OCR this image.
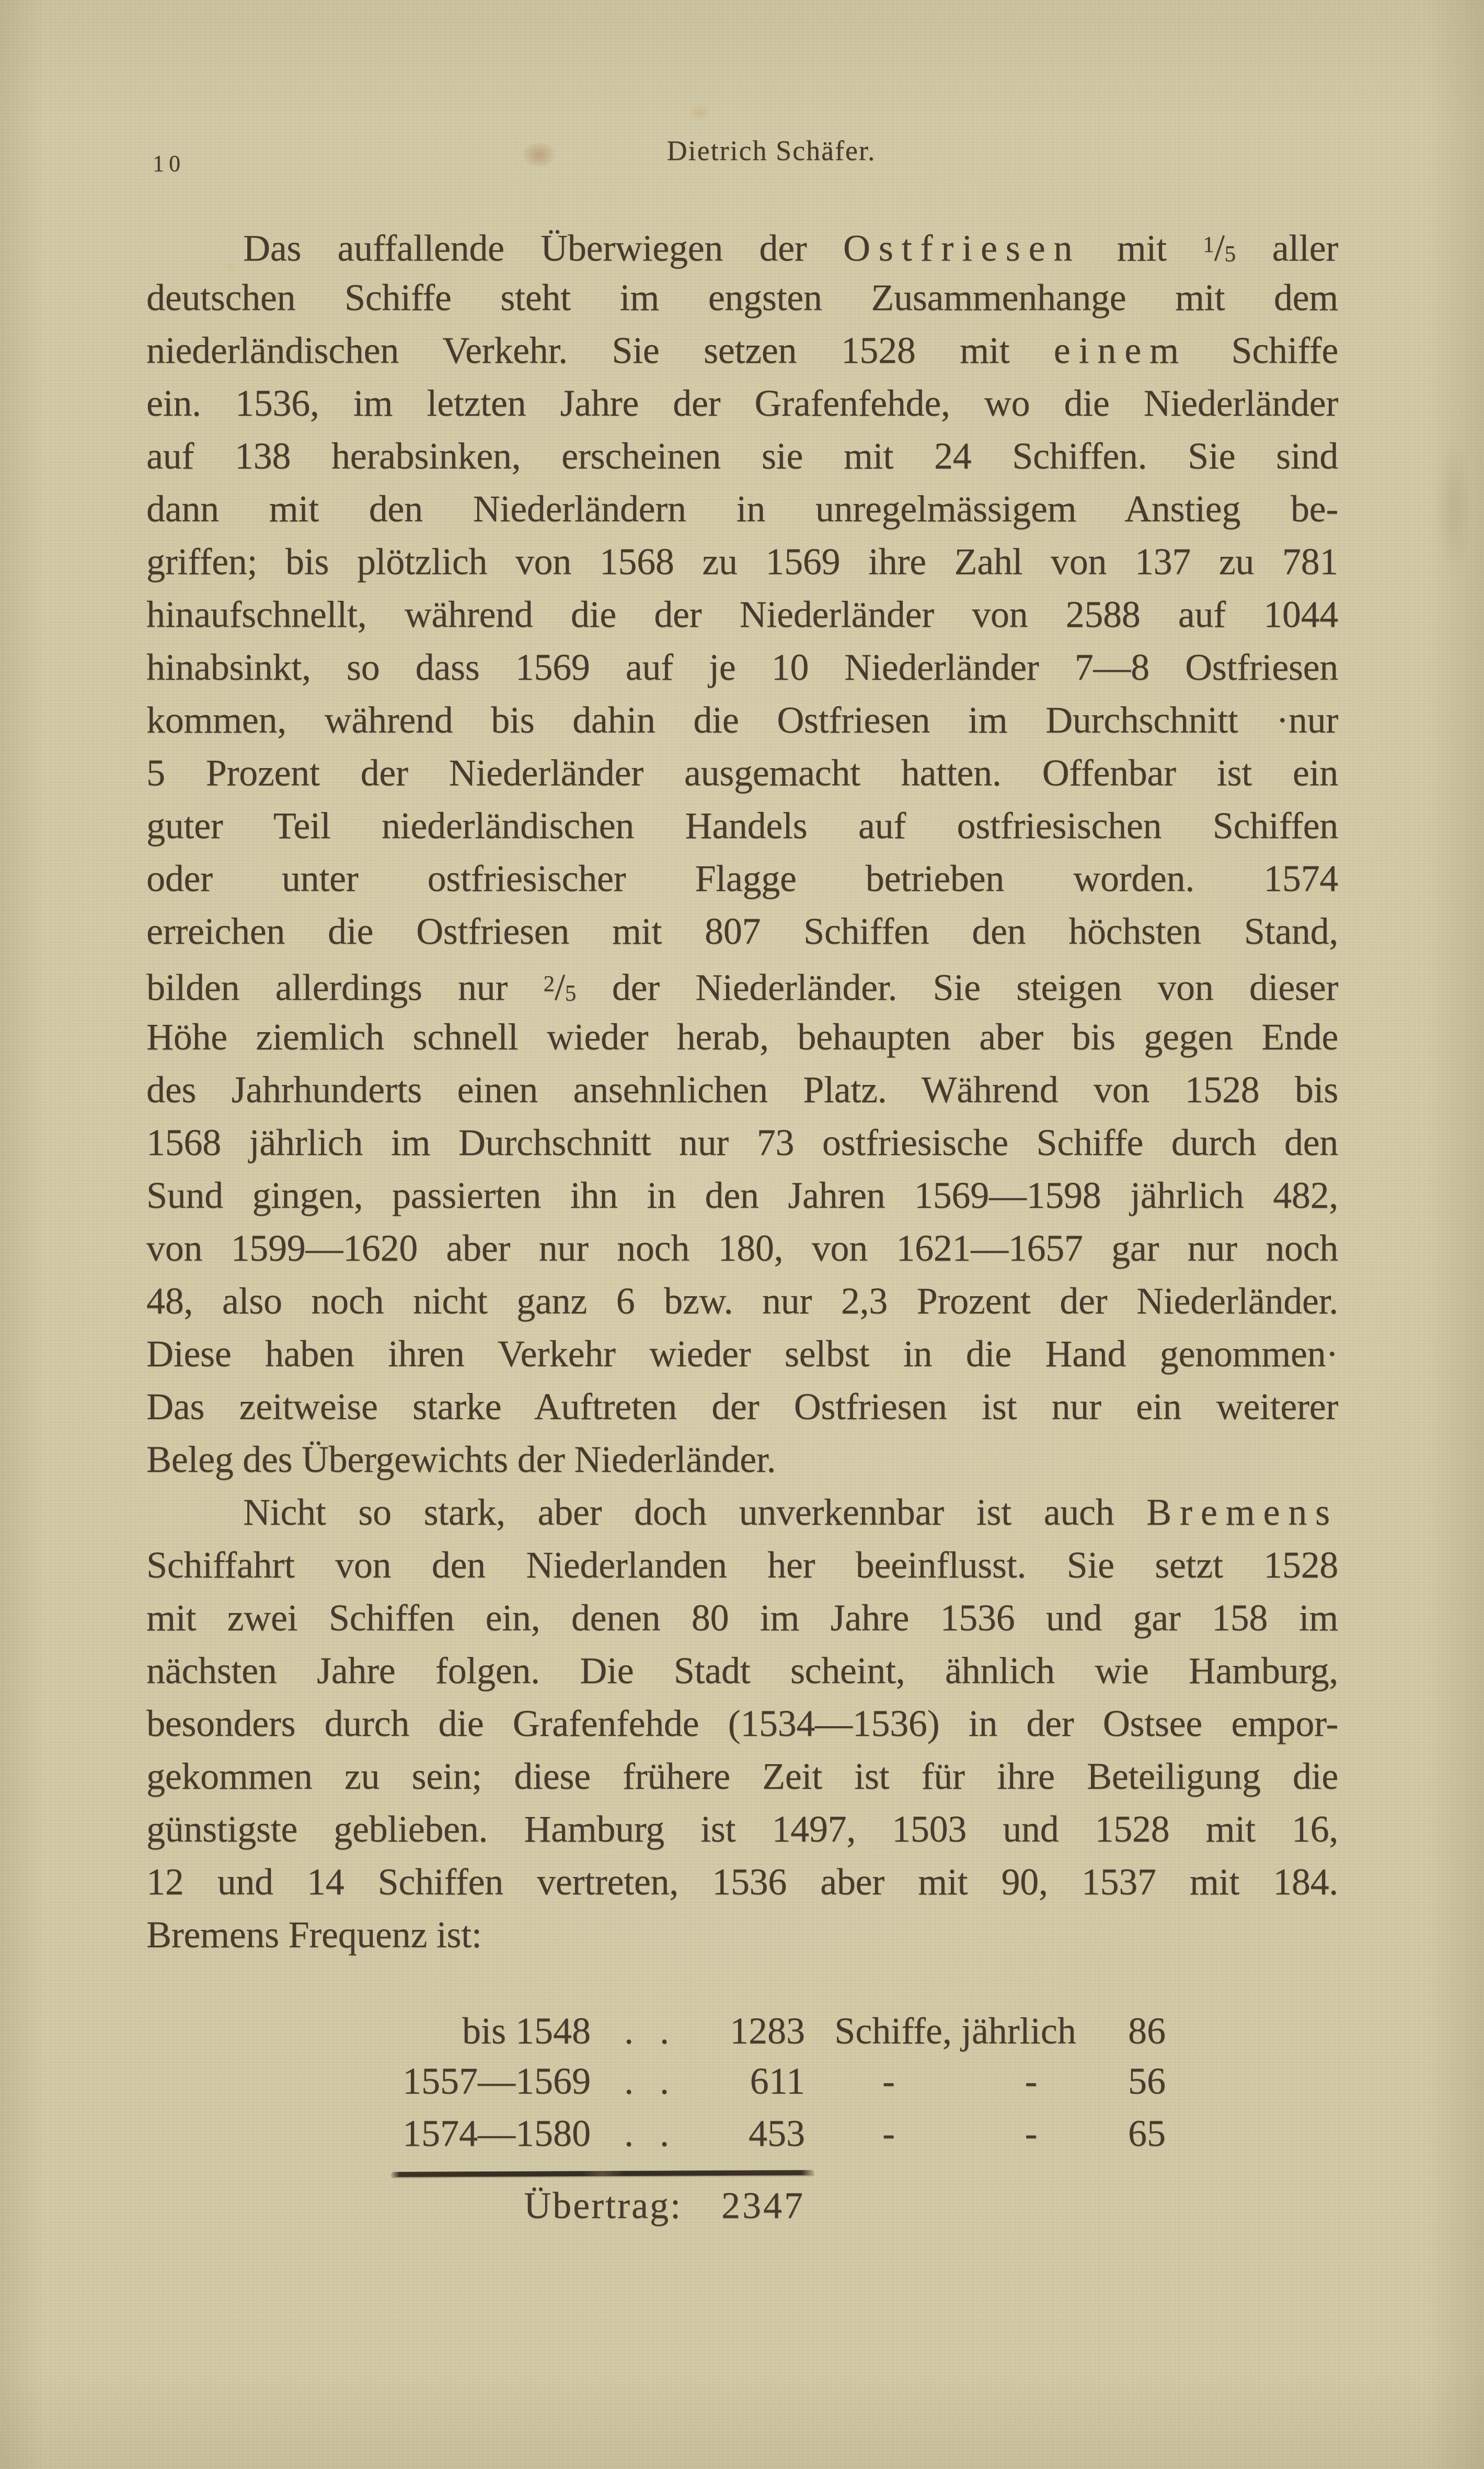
10	Dietrich Schäfer.
Das auffallende Überwiegen der Ostfriesen mit $^1$/5 aller
deutschen Schiffe steht im engsten Zusammenhange mit dem
niederländischen Verkehr. Sie setzen 1528 mit einem Schiffe
ein. 1536, im letzten Jahre der Grafenfehde, wo die Niederländer
auf 138 herabsinken, erscheinen sie mit 24 Schiffen. Sie sind
dann mit den Niederländern in unregelmässigem Anstieg be-
griffen; bis plötzlich von 1568 zu 1569 ihre Zahl von 137 zu 781
hinaufschnellt, während die der Niederländer von 2588 auf 1044
hinabsinkt, so dass 1569 auf je 10 Niederländer 7—8 Ostfriesen
kommen, während bis dahin die Ostfriesen im Durchschnitt ·nur
5 Prozent der Niederländer ausgemacht hatten. Offenbar ist ein
guter Teil niederländischen Handels auf ostfriesischen Schiffen
oder unter ostfriesischer Flagge betrieben worden. 1574
erreichen die Ostfriesen mit 807 Schiffen den höchsten Stand,
bilden allerdings nur $^2$/5 der Niederländer. Sie steigen von dieser
Höhe ziemlich schnell wieder herab, behaupten aber bis gegen Ende
des Jahrhunderts einen ansehnlichen Platz. Während von 1528 bis
1568 jährlich im Durchschnitt nur 73 ostfriesische Schiffe durch den
Sund gingen, passierten ihn in den Jahren 1569—1598 jährlich 482,
von 1599—1620 aber nur noch 180, von 1621—1657 gar nur noch
48, also noch nicht ganz 6 bzw. nur 2,3 Prozent der Niederländer.
Diese haben ihren Verkehr wieder selbst in die Hand genommen·
Das zeitweise starke Auftreten der Ostfriesen ist nur ein weiterer
Beleg des Übergewichts der Niederländer.
Nicht so stark, aber doch unverkennbar ist auch Bremens
Schiffahrt von den Niederlanden her beeinflusst. Sie setzt 1528
mit zwei Schiffen ein, denen 80 im Jahre 1536 und gar 158 im
nächsten Jahre folgen. Die Stadt scheint, ähnlich wie Hamburg,
besonders durch die Grafenfehde (1534—1536) in der Ostsee empor-
gekommen zu sein; diese frühere Zeit ist für ihre Beteiligung die
günstigste geblieben. Hamburg ist 1497, 1503 und 1528 mit 16,
12 und 14 Schiffen vertreten, 1536 aber mit 90, 1537 mit 184.
Bremens Frequenz ist:
bis 1548 . .	1283 Schiffe, jährlich	86
1557—1569 . .	611	-	-	56
1574—1580 . .	453	-	-	65
Übertrag:	2347
